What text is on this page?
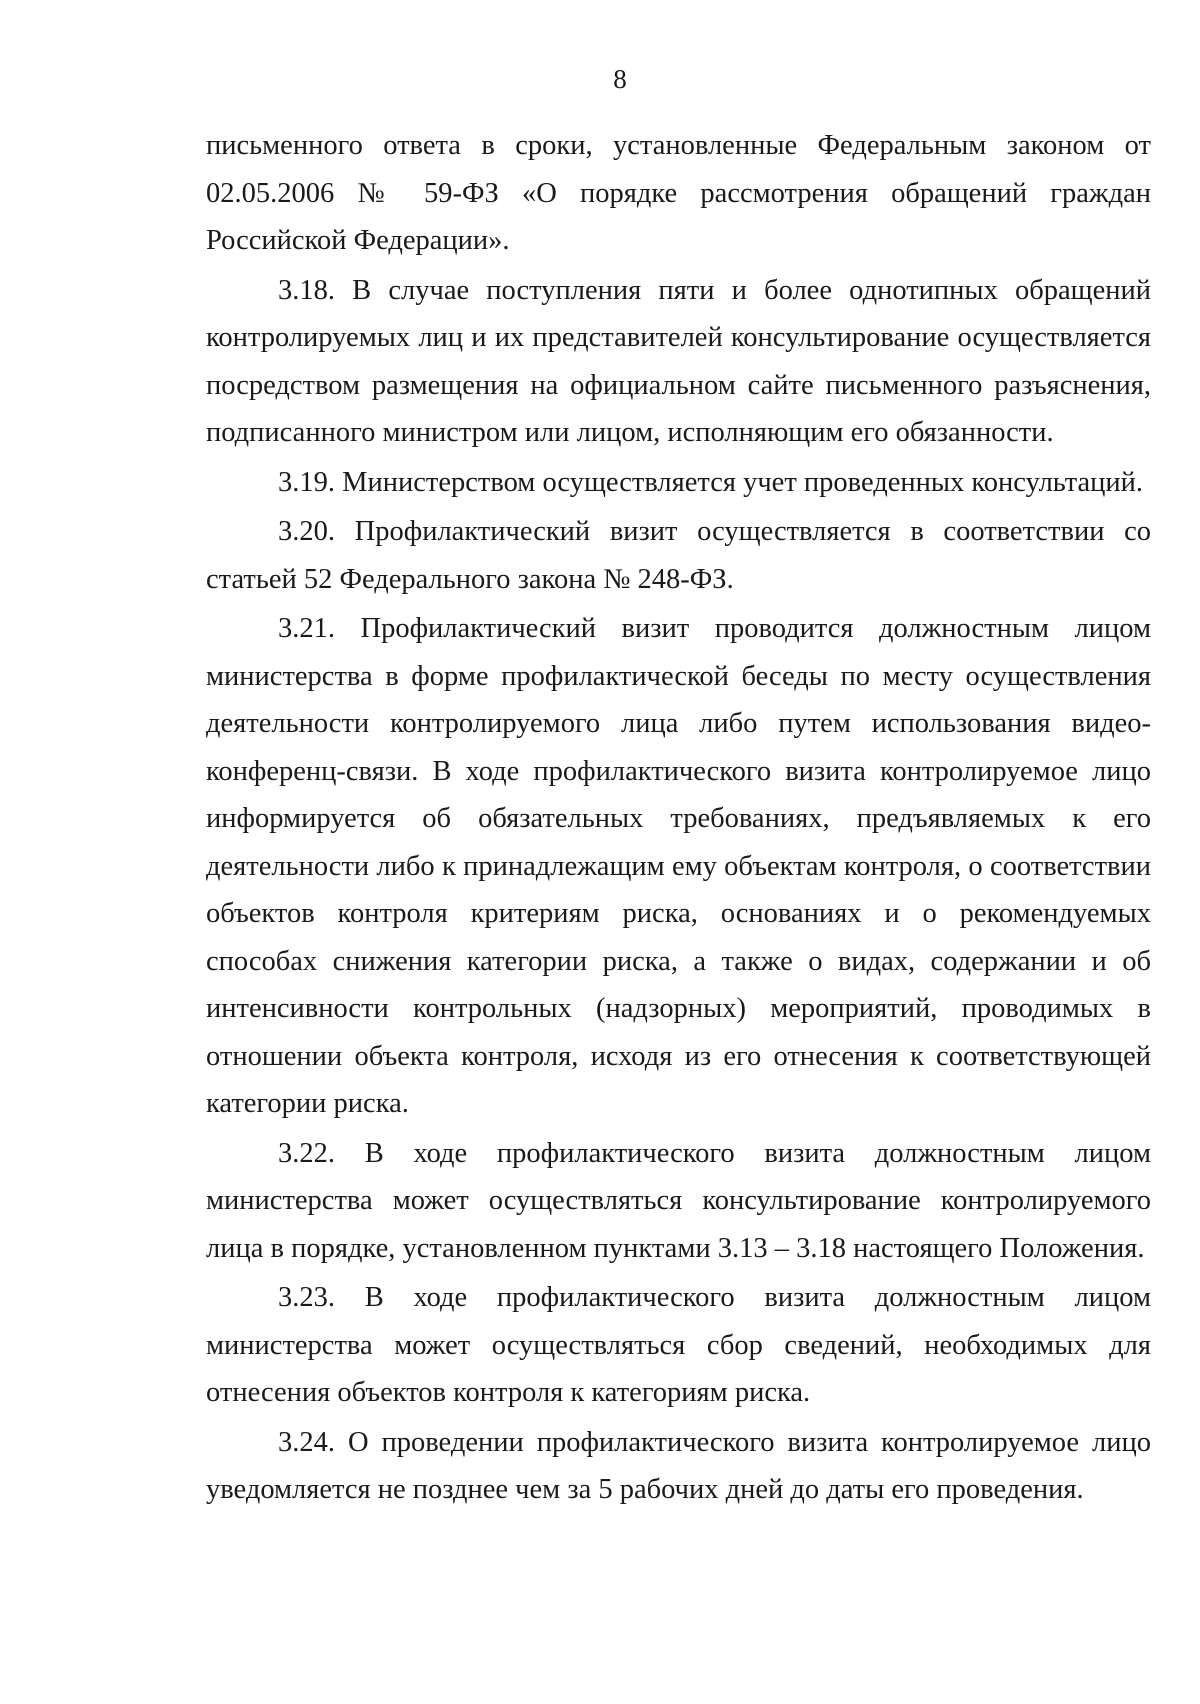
8

письменного ответа в сроки, установленные Федеральным законом от 02.05.2006 № 59-ФЗ «О порядке рассмотрения обращений граждан Российской Федерации».

3.18. В случае поступления пяти и более однотипных обращений контролируемых лиц и их представителей консультирование осуществляется посредством размещения на официальном сайте письменного разъяснения, подписанного министром или лицом, исполняющим его обязанности.

3.19. Министерством осуществляется учет проведенных консультаций.

3.20. Профилактический визит осуществляется в соответствии со статьей 52 Федерального закона № 248-ФЗ.

3.21. Профилактический визит проводится должностным лицом министерства в форме профилактической беседы по месту осуществления деятельности контролируемого лица либо путем использования видео-конференц-связи. В ходе профилактического визита контролируемое лицо информируется об обязательных требованиях, предъявляемых к его деятельности либо к принадлежащим ему объектам контроля, о соответствии объектов контроля критериям риска, основаниях и о рекомендуемых способах снижения категории риска, а также о видах, содержании и об интенсивности контрольных (надзорных) мероприятий, проводимых в отношении объекта контроля, исходя из его отнесения к соответствующей категории риска.

3.22. В ходе профилактического визита должностным лицом министерства может осуществляться консультирование контролируемого лица в порядке, установленном пунктами 3.13 – 3.18 настоящего Положения.

3.23. В ходе профилактического визита должностным лицом министерства может осуществляться сбор сведений, необходимых для отнесения объектов контроля к категориям риска.

3.24. О проведении профилактического визита контролируемое лицо уведомляется не позднее чем за 5 рабочих дней до даты его проведения.
